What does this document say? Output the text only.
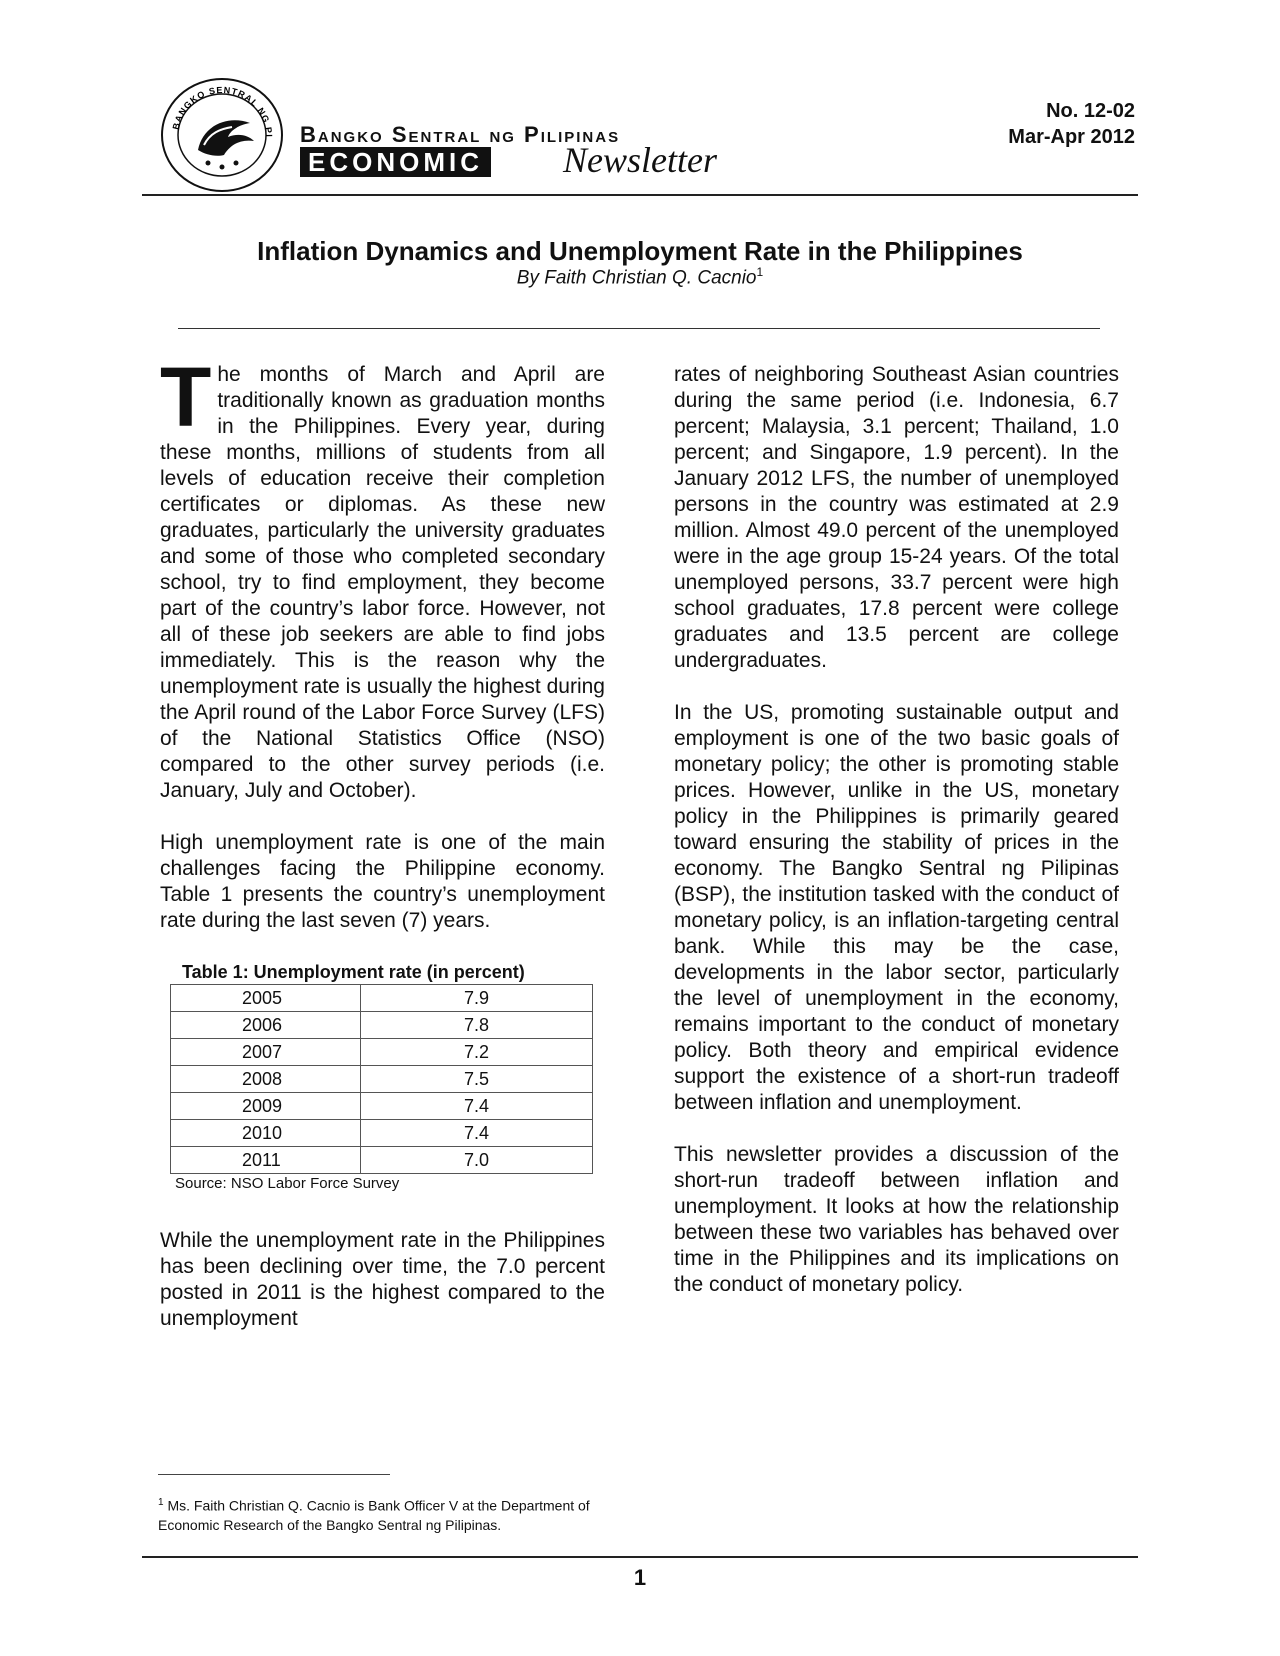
BANGKO SENTRAL NG PI Bangko Sentral ng Pilipinas
ECONOMIC Newsletter
No. 12-02
Mar-Apr 2012
Inflation Dynamics and Unemployment Rate in the Philippines
By Faith Christian Q. Cacnio$^1$

The months of March and April are traditionally known as graduation months in the Philippines. Every year, during these months, millions of students from all levels of education receive their completion certificates or diplomas. As these new graduates, particularly the university graduates and some of those who completed secondary school, try to find employment, they become part of the country’s labor force. However, not all of these job seekers are able to find jobs immediately. This is the reason why the unemployment rate is usually the highest during the April round of the Labor Force Survey (LFS) of the National Statistics Office (NSO) compared to the other survey periods (i.e. January, July and October).

High unemployment rate is one of the main challenges facing the Philippine economy. Table 1 presents the country’s unemployment rate during the last seven (7) years.

Table 1: Unemployment rate (in percent)
2005	7.9
2006	7.8
2007	7.2
2008	7.5
2009	7.4
2010	7.4
2011	7.0
Source: NSO Labor Force Survey

While the unemployment rate in the Philippines has been declining over time, the 7.0 percent posted in 2011 is the highest compared to the unemployment

rates of neighboring Southeast Asian countries during the same period (i.e. Indonesia, 6.7 percent; Malaysia, 3.1 percent; Thailand, 1.0 percent; and Singapore, 1.9 percent). In the January 2012 LFS, the number of unemployed persons in the country was estimated at 2.9 million. Almost 49.0 percent of the unemployed were in the age group 15-24 years. Of the total unemployed persons, 33.7 percent were high school graduates, 17.8 percent were college graduates and 13.5 percent are college undergraduates.

In the US, promoting sustainable output and employment is one of the two basic goals of monetary policy; the other is promoting stable prices. However, unlike in the US, monetary policy in the Philippines is primarily geared toward ensuring the stability of prices in the economy. The Bangko Sentral ng Pilipinas (BSP), the institution tasked with the conduct of monetary policy, is an inflation-targeting central bank. While this may be the case, developments in the labor sector, particularly the level of unemployment in the economy, remains important to the conduct of monetary policy. Both theory and empirical evidence support the existence of a short-run tradeoff between inflation and unemployment.

This newsletter provides a discussion of the short-run tradeoff between inflation and unemployment. It looks at how the relationship between these two variables has behaved over time in the Philippines and its implications on the conduct of monetary policy.

$^1$ Ms. Faith Christian Q. Cacnio is Bank Officer V at the Department of Economic Research of the Bangko Sentral ng Pilipinas.
1
